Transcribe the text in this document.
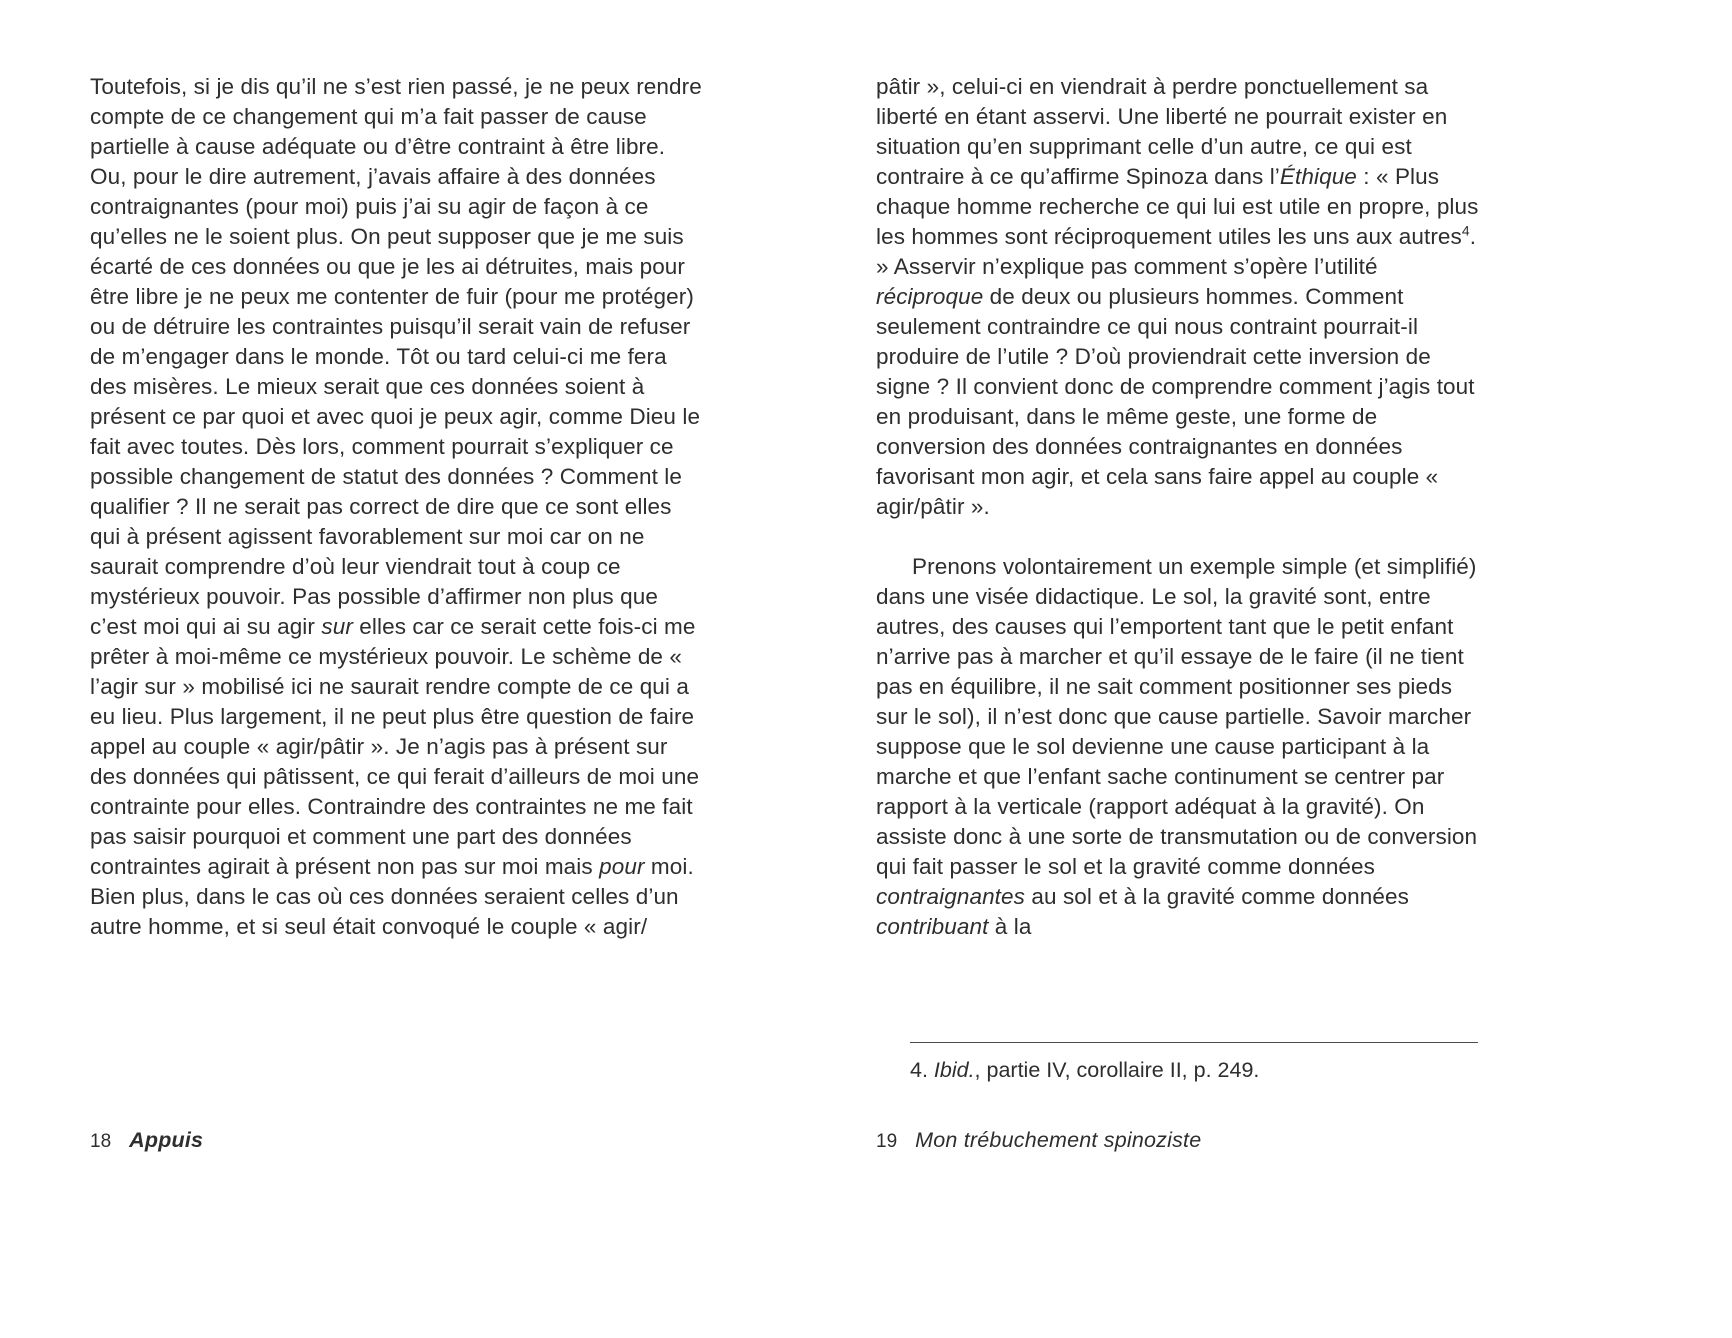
Toutefois, si je dis qu’il ne s’est rien passé, je ne peux rendre compte de ce changement qui m’a fait passer de cause partielle à cause adéquate ou d’être contraint à être libre. Ou, pour le dire autrement, j’avais affaire à des données contraignantes (pour moi) puis j’ai su agir de façon à ce qu’elles ne le soient plus. On peut supposer que je me suis écarté de ces données ou que je les ai détruites, mais pour être libre je ne peux me contenter de fuir (pour me protéger) ou de détruire les contraintes puisqu’il serait vain de refuser de m’engager dans le monde. Tôt ou tard celui-ci me fera des misères. Le mieux serait que ces données soient à présent ce par quoi et avec quoi je peux agir, comme Dieu le fait avec toutes. Dès lors, comment pourrait s’expliquer ce possible changement de statut des données ? Comment le qualifier ? Il ne serait pas correct de dire que ce sont elles qui à présent agissent favorablement sur moi car on ne saurait comprendre d’où leur viendrait tout à coup ce mystérieux pouvoir. Pas possible d’affirmer non plus que c’est moi qui ai su agir sur elles car ce serait cette fois-ci me prêter à moi-même ce mystérieux pouvoir. Le schème de « l’agir sur » mobilisé ici ne saurait rendre compte de ce qui a eu lieu. Plus largement, il ne peut plus être question de faire appel au couple « agir/pâtir ». Je n’agis pas à présent sur des données qui pâtissent, ce qui ferait d’ailleurs de moi une contrainte pour elles. Contraindre des contraintes ne me fait pas saisir pourquoi et comment une part des données contraintes agirait à présent non pas sur moi mais pour moi. Bien plus, dans le cas où ces données seraient celles d’un autre homme, et si seul était convoqué le couple « agir/

pâtir », celui-ci en viendrait à perdre ponctuellement sa liberté en étant asservi. Une liberté ne pourrait exister en situation qu’en supprimant celle d’un autre, ce qui est contraire à ce qu’affirme Spinoza dans l’Éthique : « Plus chaque homme recherche ce qui lui est utile en propre, plus les hommes sont réciproquement utiles les uns aux autres$^4$. » Asservir n’explique pas comment s’opère l’utilité réciproque de deux ou plusieurs hommes. Comment seulement contraindre ce qui nous contraint pourrait-il produire de l’utile ? D’où proviendrait cette inversion de signe ? Il convient donc de comprendre comment j’agis tout en produisant, dans le même geste, une forme de conversion des données contraignantes en données favorisant mon agir, et cela sans faire appel au couple « agir/pâtir ».

Prenons volontairement un exemple simple (et simplifié) dans une visée didactique. Le sol, la gravité sont, entre autres, des causes qui l’emportent tant que le petit enfant n’arrive pas à marcher et qu’il essaye de le faire (il ne tient pas en équilibre, il ne sait comment positionner ses pieds sur le sol), il n’est donc que cause partielle. Savoir marcher suppose que le sol devienne une cause participant à la marche et que l’enfant sache continument se centrer par rapport à la verticale (rapport adéquat à la gravité). On assiste donc à une sorte de transmutation ou de conversion qui fait passer le sol et la gravité comme données contraignantes au sol et à la gravité comme données contribuant à la

4. Ibid., partie IV, corollaire II, p. 249.

18 Appuis	19 Mon trébuchement spinoziste
